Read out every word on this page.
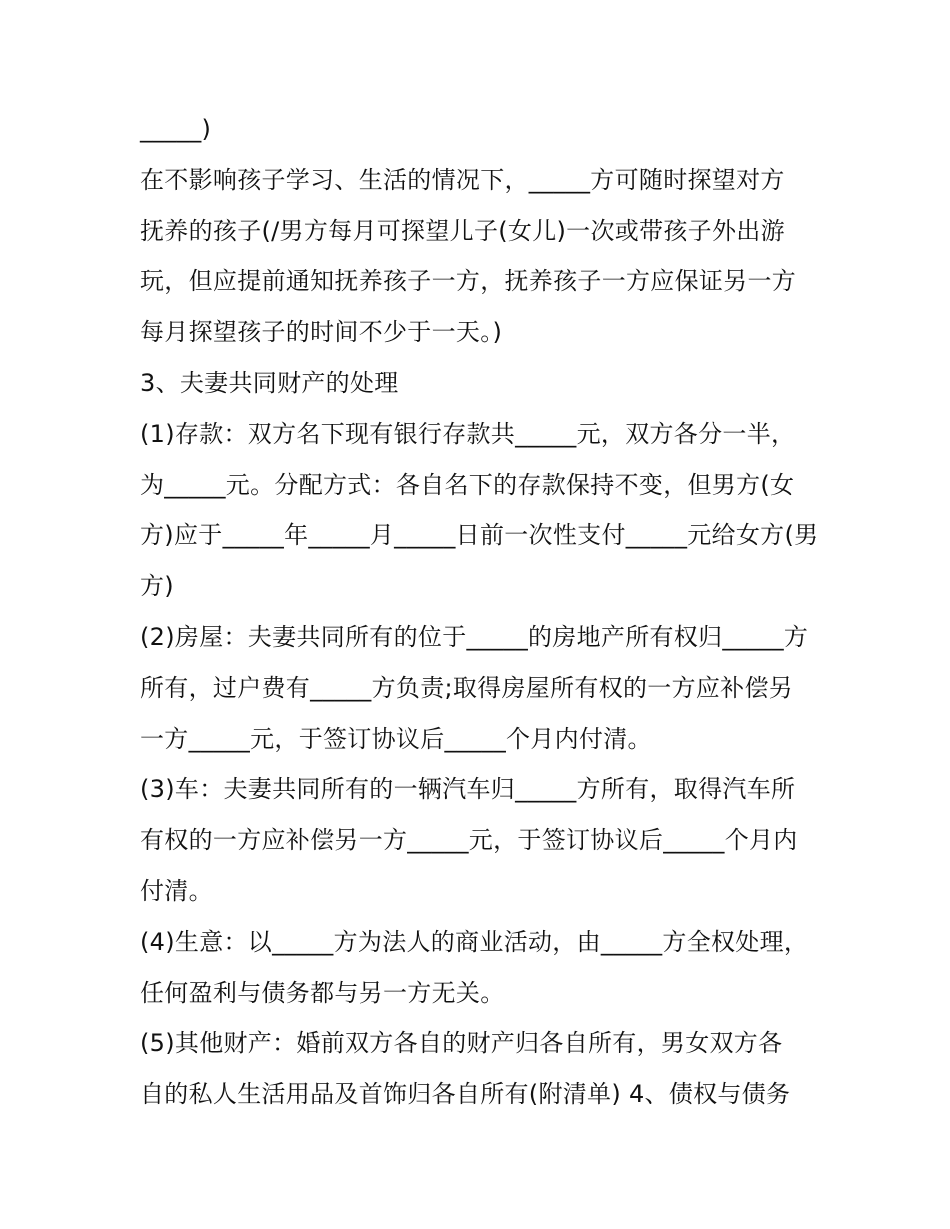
_____)
在不影响孩子学习、生活的情况下，_____方可随时探望对方
抚养的孩子(/男方每月可探望儿子(女儿)一次或带孩子外出游
玩，但应提前通知抚养孩子一方，抚养孩子一方应保证另一方
每月探望孩子的时间不少于一天。)
3、夫妻共同财产的处理
(1)存款：双方名下现有银行存款共_____元，双方各分一半，
为_____元。分配方式：各自名下的存款保持不变，但男方(女
方)应于_____年_____月_____日前一次性支付_____元给女方(男
方)
(2)房屋：夫妻共同所有的位于_____的房地产所有权归_____方
所有，过户费有_____方负责;取得房屋所有权的一方应补偿另
一方_____元，于签订协议后_____个月内付清。
(3)车：夫妻共同所有的一辆汽车归_____方所有，取得汽车所
有权的一方应补偿另一方_____元，于签订协议后_____个月内
付清。
(4)生意：以_____方为法人的商业活动，由_____方全权处理，
任何盈利与债务都与另一方无关。
(5)其他财产：婚前双方各自的财产归各自所有，男女双方各
自的私人生活用品及首饰归各自所有(附清单) 4、债权与债务
